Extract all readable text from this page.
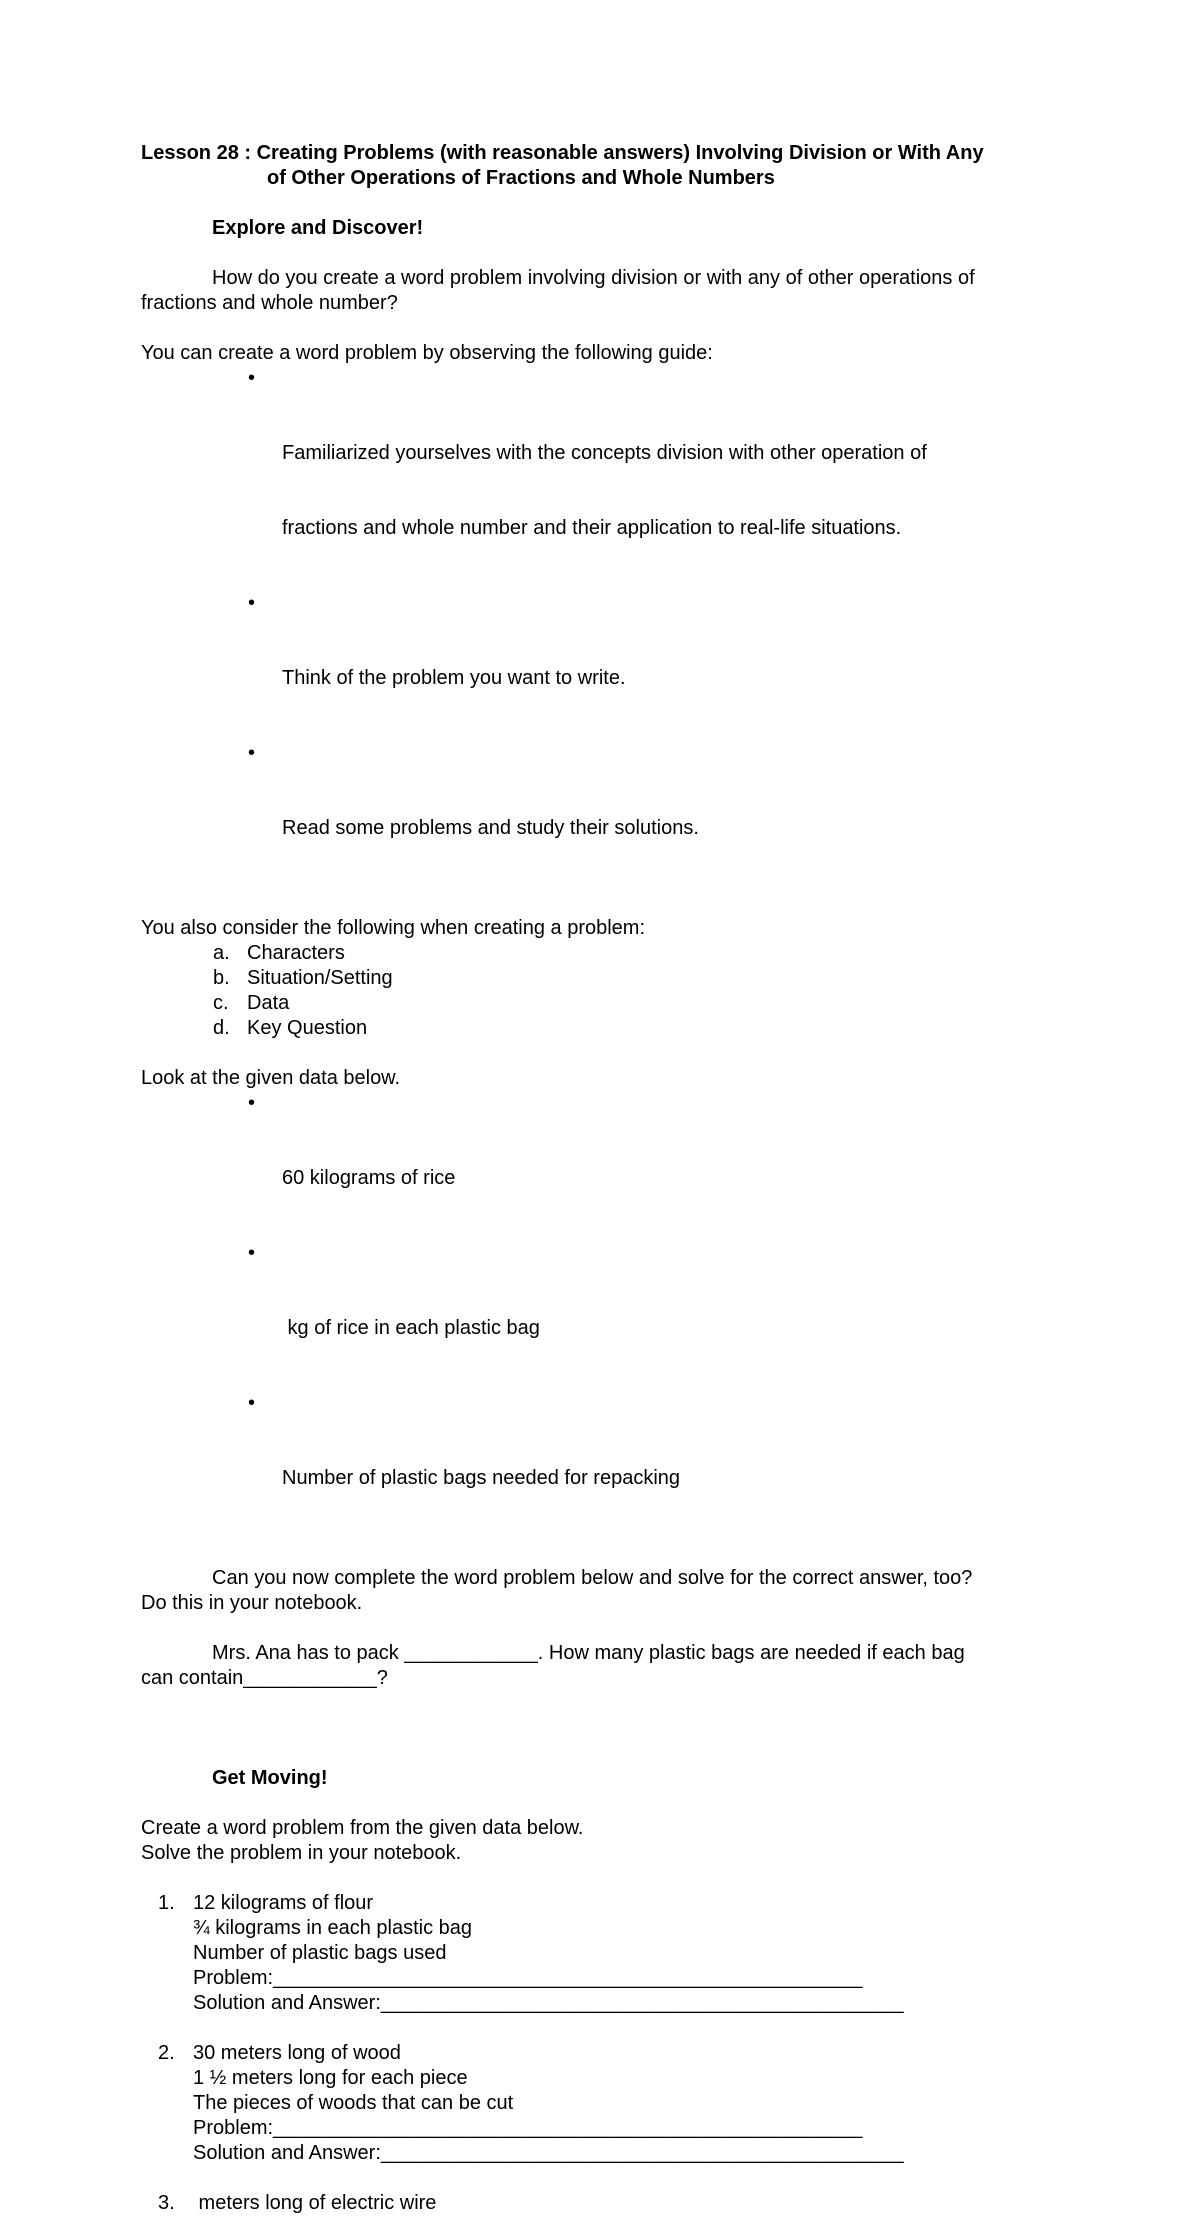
Lesson 28 : Creating Problems (with reasonable answers) Involving Division or With Any
of Other Operations of Fractions and Whole Numbers
Explore and Discover!
How do you create a word problem involving division or with any of other operations of
fractions and whole number?
You can create a word problem by observing the following guide:

•

Familiarized yourselves with the concepts division with other operation of

fractions and whole number and their application to real-life situations.

•

Think of the problem you want to write.

•

Read some problems and study their solutions.

You also consider the following when creating a problem:
a. Characters
b. Situation/Setting
c. Data
d. Key Question
Look at the given data below.

•

60 kilograms of rice

•

kg of rice in each plastic bag

•

Number of plastic bags needed for repacking

Can you now complete the word problem below and solve for the correct answer, too?
Do this in your notebook.
Mrs. Ana has to pack ____________. How many plastic bags are needed if each bag
can contain____________?
Get Moving!
Create a word problem from the given data below.
Solve the problem in your notebook.
1. 12 kilograms of flour
¾ kilograms in each plastic bag
Number of plastic bags used
Problem:_____________________________________________________
Solution and Answer:_______________________________________________
2. 30 meters long of wood
1 ½ meters long for each piece
The pieces of woods that can be cut
Problem:_____________________________________________________
Solution and Answer:_______________________________________________
3. meters long of electric wire
